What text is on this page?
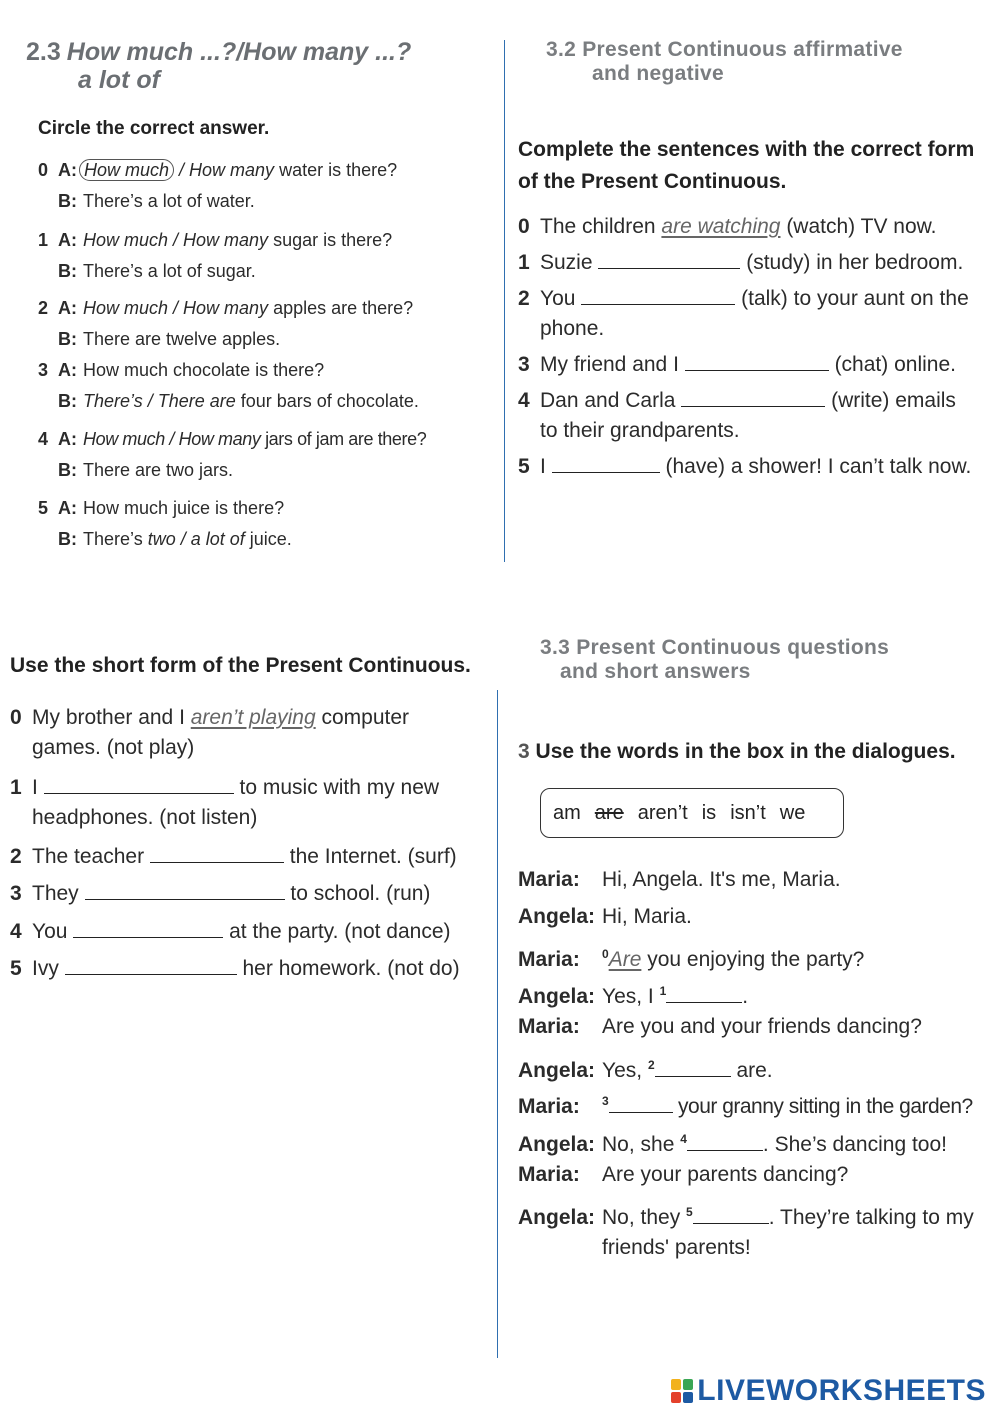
2.3 How much ...?/How many ...?
a lot of
Circle the correct answer.
0 A: How much / How many water is there?
B: There’s a lot of water.
1 A: How much / How many sugar is there?
B: There’s a lot of sugar.
2 A: How much / How many apples are there?
B: There are twelve apples.
3 A: How much chocolate is there?
B: There’s / There are four bars of chocolate.
4 A: How much / How many jars of jam are there?
B: There are two jars.
5 A: How much juice is there?
B: There’s two / a lot of juice.
3.2 Present Continuous affirmative
and negative
Complete the sentences with the correct form
of the Present Continuous.
0 The children are watching (watch) TV now.
1 Suzie	(study) in her bedroom.
2 You	(talk) to your aunt on the
phone.
3 My friend and I	(chat) online.
4 Dan and Carla	(write) emails
to their grandparents.
5 I	(have) a shower! I can’t talk now.
Use the short form of the Present Continuous.
0 My brother and I aren’t playing computer
games. (not play)
1 I	to music with my new
headphones. (not listen)
2 The teacher	the Internet. (surf)
3 They	to school. (run)
4 You	at the party. (not dance)
5 Ivy	her homework. (not do)
3.3 Present Continuous questions
and short answers
3 Use the words in the box in the dialogues.
am are aren’t is isn’t we
Maria: Hi, Angela. It's me, Maria.
Angela: Hi, Maria.
Maria: $^0$Are you enjoying the party?
Angela: Yes, I $^1$	.
Maria: Are you and your friends dancing?
Angela: Yes, $^2$	are.
Maria: $^3$	your granny sitting in the garden?
Angela: No, she $^4$	. She’s dancing too!
Maria: Are your parents dancing?
Angela: No, they $^5$	. They’re talking to my
friends' parents!
LIVEWORKSHEETS
